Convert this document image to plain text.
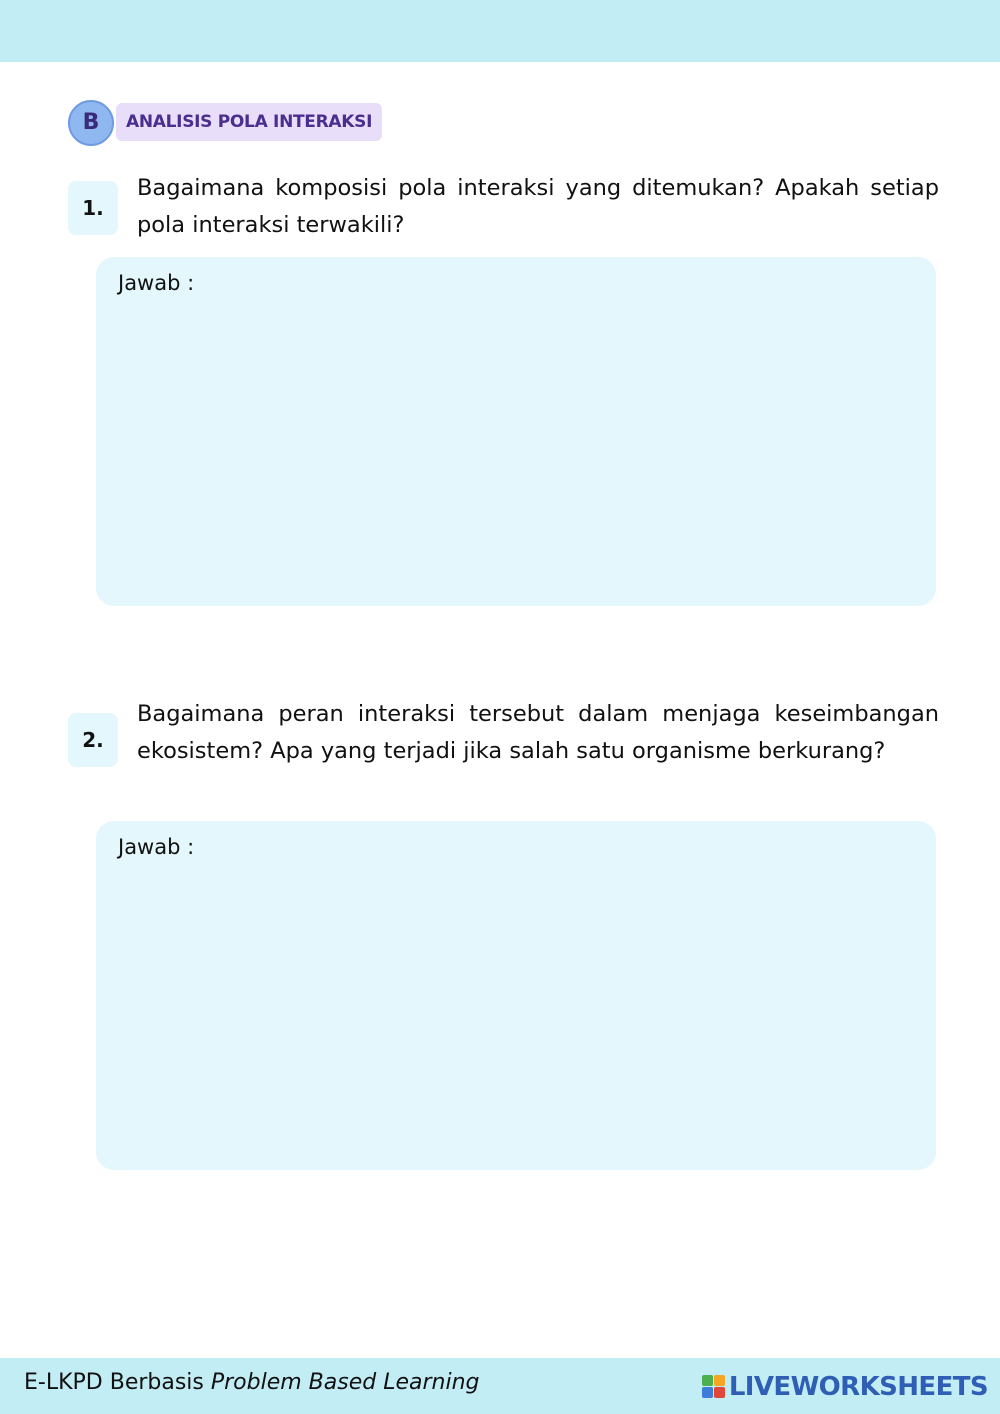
B	ANALISIS POLA INTERAKSI
1.
Bagaimana komposisi pola interaksi yang ditemukan? Apakah setiap pola interaksi terwakili?
Jawab :
2.
Bagaimana peran interaksi tersebut dalam menjaga keseimbangan ekosistem? Apa yang terjadi jika salah satu organisme berkurang?
Jawab :
E-LKPD Berbasis Problem Based Learning	LIVEWORKSHEETS
